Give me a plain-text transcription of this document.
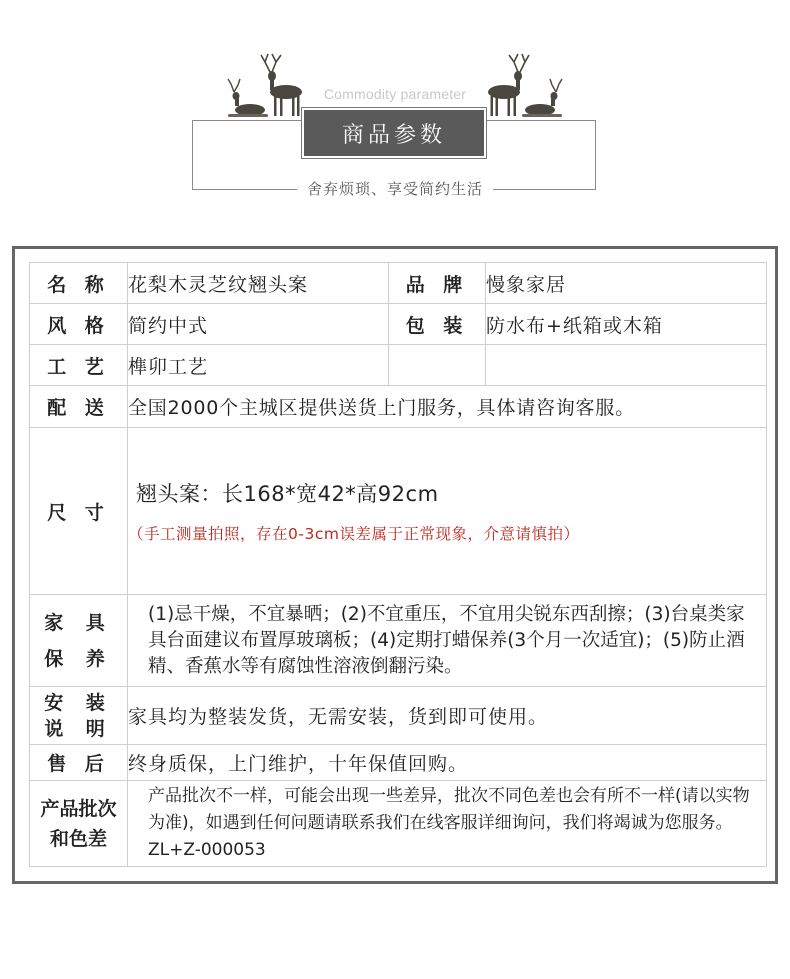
Commodity parameter
商品参数
舍弃烦琐、享受简约生活
名 称	花梨木灵芝纹翘头案	品 牌	慢象家居
风 格	简约中式	包 装	防水布+纸箱或木箱
工 艺	榫卯工艺		
配 送	全国2000个主城区提供送货上门服务，具体请咨询客服。		
尺 寸	翘头案：长168*宽42*高92cm
（手工测量拍照，存在0-3cm误差属于正常现象，介意请慎拍）		

家 具
保 养	(1)忌干燥，不宜暴晒；(2)不宜重压，不宜用尖锐东西刮擦；(3)台桌类家具台面建议布置厚玻璃板；(4)定期打蜡保养(3个月一次适宜)；(5)防止酒精、香蕉水等有腐蚀性溶液倒翻污染。		

安 装
说 明	家具均为整装发货，无需安装，货到即可使用。		
售 后	终身质保，上门维护，十年保值回购。		

产品批次
和色差	产品批次不一样，可能会出现一些差异，批次不同色差也会有所不一样(请以实物为准)，如遇到任何问题请联系我们在线客服详细询问，我们将竭诚为您服务。ZL+Z-000053		
